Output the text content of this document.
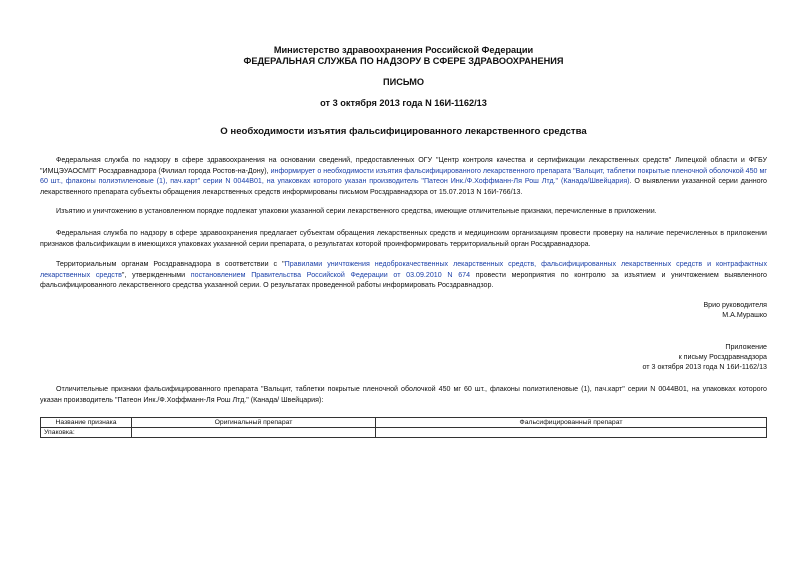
Министерство здравоохранения Российской Федерации
ФЕДЕРАЛЬНАЯ СЛУЖБА ПО НАДЗОРУ В СФЕРЕ ЗДРАВООХРАНЕНИЯ
ПИСЬМО
от 3 октября 2013 года N 16И-1162/13
О необходимости изъятия фальсифицированного лекарственного средства
Федеральная служба по надзору в сфере здравоохранения на основании сведений, предоставленных ОГУ "Центр контроля качества и сертификации лекарственных средств" Липецкой области и ФГБУ "ИМЦЭУАОСМП" Росздравнадзора (Филиал города Ростов-на-Дону), информирует о необходимости изъятия фальсифицированного лекарственного препарата "Вальцит, таблетки покрытые пленочной оболочкой 450 мг 60 шт., флаконы полиэтиленовые (1), пач.карт" серии N 0044B01, на упаковках которого указан производитель "Патеон Инк./Ф.Хоффманн-Ля Рош Лтд." (Канада/Швейцария). О выявлении указанной серии данного лекарственного препарата субъекты обращения лекарственных средств информированы письмом Росздравнадзора от 15.07.2013 N 16И-766/13.
Изъятию и уничтожению в установленном порядке подлежат упаковки указанной серии лекарственного средства, имеющие отличительные признаки, перечисленные в приложении.
Федеральная служба по надзору в сфере здравоохранения предлагает субъектам обращения лекарственных средств и медицинским организациям провести проверку на наличие перечисленных в приложении признаков фальсификации в имеющихся упаковках указанной серии препарата, о результатах которой проинформировать территориальный орган Росздравнадзора.
Территориальным органам Росздравнадзора в соответствии с "Правилами уничтожения недоброкачественных лекарственных средств, фальсифицированных лекарственных средств и контрафактных лекарственных средств", утвержденными постановлением Правительства Российской Федерации от 03.09.2010 N 674 провести мероприятия по контролю за изъятием и уничтожением выявленного фальсифицированного лекарственного средства указанной серии. О результатах проведенной работы информировать Росздравнадзор.
Врио руководителя
М.А.Мурашко
Приложение
к письму Росздравнадзора
от 3 октября 2013 года N 16И-1162/13
Отличительные признаки фальсифицированного препарата "Вальцит, таблетки покрытые пленочной оболочкой 450 мг 60 шт., флаконы полиэтиленовые (1), пач.карт" серии N 0044B01, на упаковках которого указан производитель "Патеон Инк./Ф.Хоффманн-Ля Рош Лтд." (Канада/ Швейцария):
Название признака	Оригинальный препарат	Фальсифицированный препарат
Упаковка:		
